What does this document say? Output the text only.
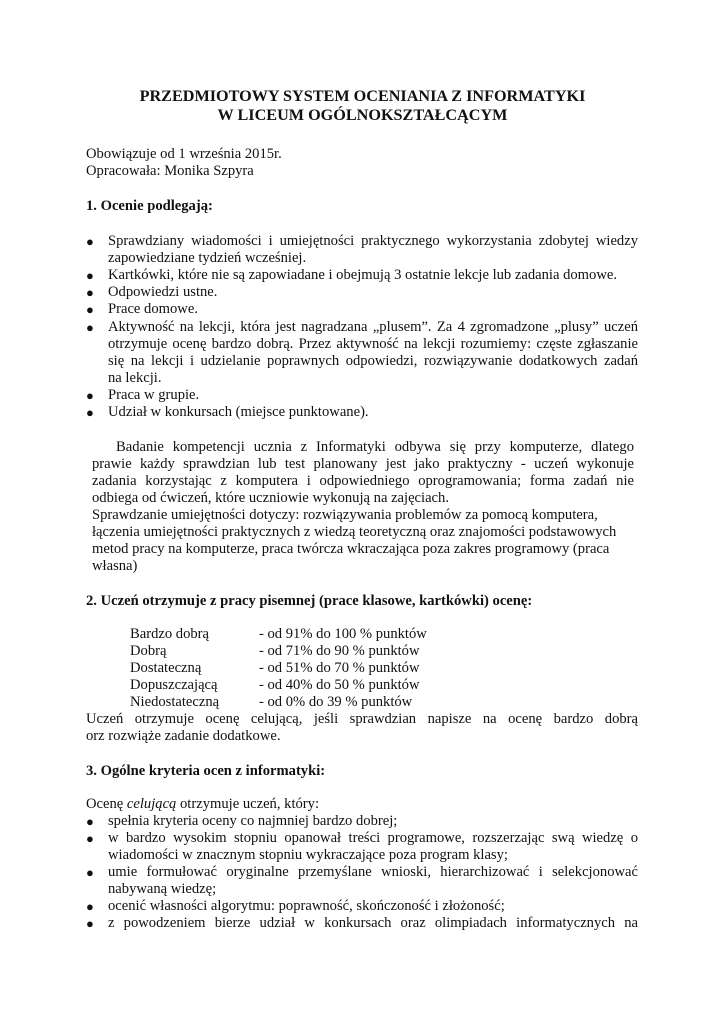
PRZEDMIOTOWY SYSTEM OCENIANIA Z INFORMATYKI
W LICEUM OGÓLNOKSZTAŁCĄCYM
Obowiązuje od 1 września 2015r.
Opracowała: Monika Szpyra
1. Ocenie podlegają:
● Sprawdziany wiadomości i umiejętności praktycznego wykorzystania zdobytej wiedzy
zapowiedziane tydzień wcześniej.
● Kartkówki, które nie są zapowiadane i obejmują 3 ostatnie lekcje lub zadania domowe.
● Odpowiedzi ustne.
● Prace domowe.
● Aktywność na lekcji, która jest nagradzana „plusem”. Za 4 zgromadzone „plusy” uczeń
otrzymuje ocenę bardzo dobrą. Przez aktywność na lekcji rozumiemy: częste zgłaszanie
się na lekcji i udzielanie poprawnych odpowiedzi, rozwiązywanie dodatkowych zadań
na lekcji.
● Praca w grupie.
● Udział w konkursach (miejsce punktowane).
Badanie kompetencji ucznia z Informatyki odbywa się przy komputerze, dlatego
prawie każdy sprawdzian lub test planowany jest jako praktyczny - uczeń wykonuje
zadania korzystając z komputera i odpowiedniego oprogramowania; forma zadań nie
odbiega od ćwiczeń, które uczniowie wykonują na zajęciach.
Sprawdzanie umiejętności dotyczy: rozwiązywania problemów za pomocą komputera,
łączenia umiejętności praktycznych z wiedzą teoretyczną oraz znajomości podstawowych
metod pracy na komputerze, praca twórcza wkraczająca poza zakres programowy (praca
własna)
2. Uczeń otrzymuje z pracy pisemnej (prace klasowe, kartkówki) ocenę:
Bardzo dobrą	- od 91% do 100 % punktów
Dobrą	- od 71% do 90 % punktów
Dostateczną	- od 51% do 70 % punktów
Dopuszczającą	- od 40% do 50 % punktów
Niedostateczną	- od 0% do 39 % punktów
Uczeń otrzymuje ocenę celującą, jeśli sprawdzian napisze na ocenę bardzo dobrą
orz rozwiąże zadanie dodatkowe.
3. Ogólne kryteria ocen z informatyki:
Ocenę celującą otrzymuje uczeń, który:
● spełnia kryteria oceny co najmniej bardzo dobrej;
● w bardzo wysokim stopniu opanował treści programowe, rozszerzając swą wiedzę o
wiadomości w znacznym stopniu wykraczające poza program klasy;
● umie formułować oryginalne przemyślane wnioski, hierarchizować i selekcjonować
nabywaną wiedzę;
● ocenić własności algorytmu: poprawność, skończoność i złożoność;
● z powodzeniem bierze udział w konkursach oraz olimpiadach informatycznych na
